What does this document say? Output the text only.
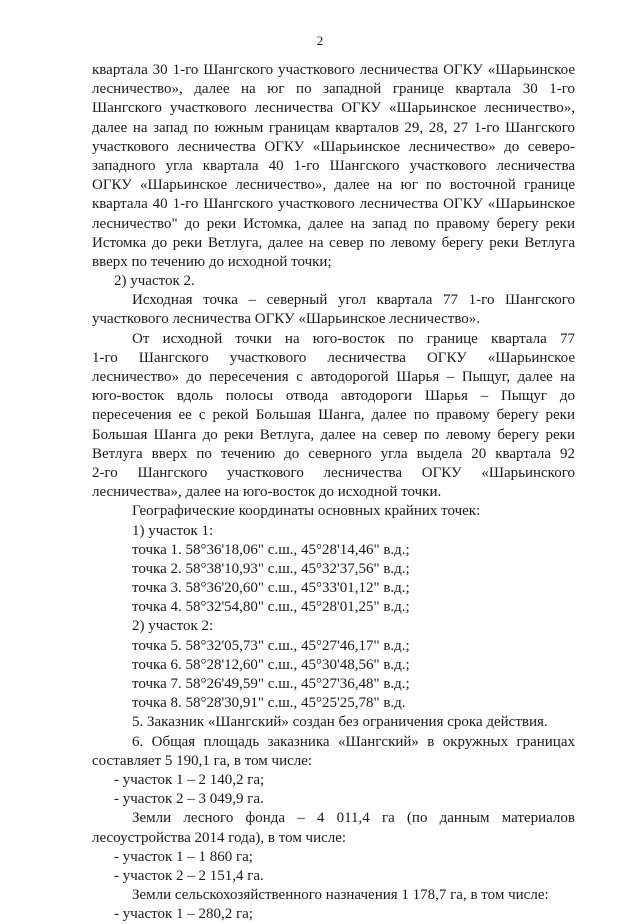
2
квартала 30 1-го Шангского участкового лесничества ОГКУ «Шарьинское
лесничество», далее на юг по западной границе квартала 30 1-го
Шангского участкового лесничества ОГКУ «Шарьинское лесничество»,
далее на запад по южным границам кварталов 29, 28, 27 1-го Шангского
участкового лесничества ОГКУ «Шарьинское лесничество» до северо-
западного угла квартала 40 1-го Шангского участкового лесничества
ОГКУ «Шарьинское лесничество», далее на юг по восточной границе
квартала 40 1-го Шангского участкового лесничества ОГКУ «Шарьинское
лесничество" до реки Истомка, далее на запад по правому берегу реки
Истомка до реки Ветлуга, далее на север по левому берегу реки Ветлуга
вверх по течению до исходной точки;
2) участок 2.
Исходная точка – северный угол квартала 77 1-го Шангского
участкового лесничества ОГКУ «Шарьинское лесничество».
От исходной точки на юго-восток по границе квартала 77
1-го Шангского участкового лесничества ОГКУ «Шарьинское
лесничество» до пересечения с автодорогой Шарья – Пыщуг, далее на
юго-восток вдоль полосы отвода автодороги Шарья – Пыщуг до
пересечения ее с рекой Большая Шанга, далее по правому берегу реки
Большая Шанга до реки Ветлуга, далее на север по левому берегу реки
Ветлуга вверх по течению до северного угла выдела 20 квартала 92
2-го Шангского участкового лесничества ОГКУ «Шарьинского
лесничества», далее на юго-восток до исходной точки.
Географические координаты основных крайних точек:
1) участок 1:
точка 1. 58°36'18,06" с.ш., 45°28'14,46" в.д.;
точка 2. 58°38'10,93" с.ш., 45°32'37,56" в.д.;
точка 3. 58°36'20,60" с.ш., 45°33'01,12" в.д.;
точка 4. 58°32'54,80" с.ш., 45°28'01,25" в.д.;
2) участок 2:
точка 5. 58°32'05,73" с.ш., 45°27'46,17" в.д.;
точка 6. 58°28'12,60" с.ш., 45°30'48,56" в.д.;
точка 7. 58°26'49,59" с.ш., 45°27'36,48" в.д.;
точка 8. 58°28'30,91" с.ш., 45°25'25,78" в.д.
5. Заказник «Шангский» создан без ограничения срока действия.
6. Общая площадь заказника «Шангский» в окружных границах
составляет 5 190,1 га, в том числе:
- участок 1 – 2 140,2 га;
- участок 2 – 3 049,9 га.
Земли лесного фонда – 4 011,4 га (по данным материалов
лесоустройства 2014 года), в том числе:
- участок 1 – 1 860 га;
- участок 2 – 2 151,4 га.
Земли сельскохозяйственного назначения 1 178,7 га, в том числе:
- участок 1 – 280,2 га;
